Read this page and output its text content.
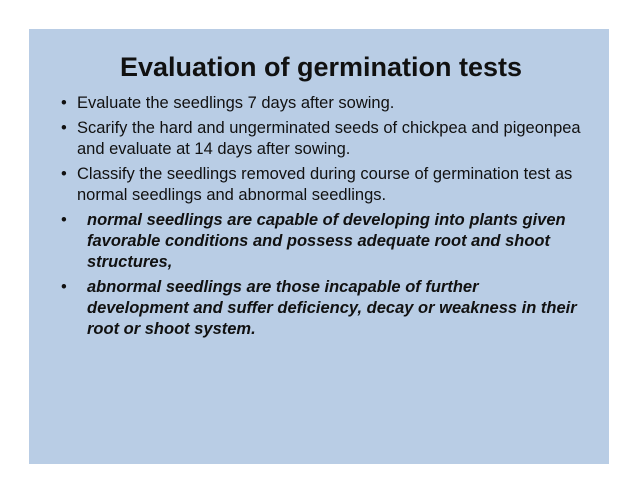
Evaluation of germination tests
• Evaluate the seedlings 7 days after sowing.
• Scarify the hard and ungerminated seeds of chickpea and pigeonpea and evaluate at 14 days after sowing.
• Classify the seedlings removed during course of germination test as normal seedlings and abnormal seedlings.
• normal seedlings are capable of developing into plants given favorable conditions and possess adequate root and shoot structures,
• abnormal seedlings are those incapable of further development and suffer deficiency, decay or weakness in their root or shoot system.
